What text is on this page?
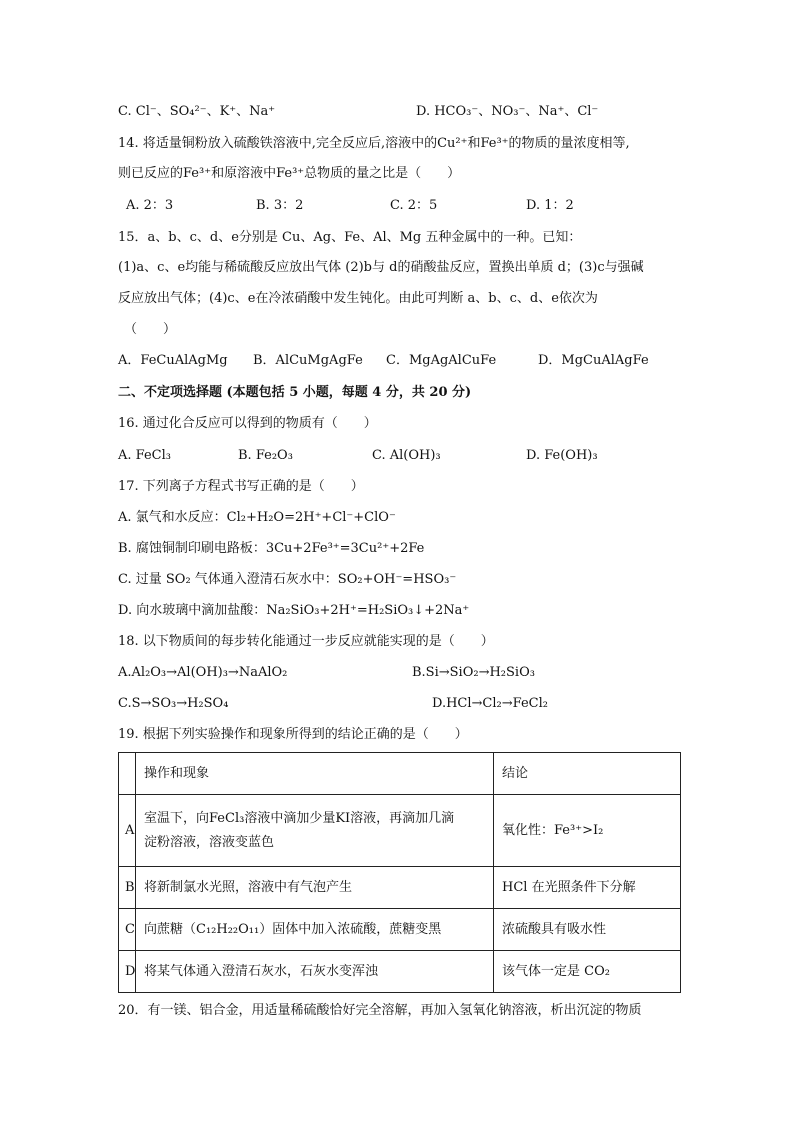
C. Cl⁻、SO₄²⁻、K⁺、Na⁺	D. HCO₃⁻、NO₃⁻、Na⁺、Cl⁻
14. 将适量铜粉放入硫酸铁溶液中,完全反应后,溶液中的Cu²⁺和Fe³⁺的物质的量浓度相等,
则已反应的Fe³⁺和原溶液中Fe³⁺总物质的量之比是（　　）
A. 2：3	B. 3：2	C. 2：5	D. 1：2
15．a、b、c、d、e分别是 Cu、Ag、Fe、Al、Mg 五种金属中的一种。已知：
(1)a、c、e均能与稀硫酸反应放出气体 (2)b与 d的硝酸盐反应，置换出单质 d；(3)c与强碱
反应放出气体；(4)c、e在冷浓硝酸中发生钝化。由此可判断 a、b、c、d、e依次为
（　　）
A．FeCuAlAgMg B．AlCuMgAgFe C．MgAgAlCuFe	D．MgCuAlAgFe
二、不定项选择题 (本题包括 5 小题，每题 4 分，共 20 分)
16. 通过化合反应可以得到的物质有（　　）
A. FeCl₃	B. Fe₂O₃	C. Al(OH)₃	D. Fe(OH)₃
17. 下列离子方程式书写正确的是（　　）
A. 氯气和水反应：Cl₂+H₂O=2H⁺+Cl⁻+ClO⁻
B. 腐蚀铜制印刷电路板：3Cu+2Fe³⁺=3Cu²⁺+2Fe
C. 过量 SO₂ 气体通入澄清石灰水中：SO₂+OH⁻=HSO₃⁻
D. 向水玻璃中滴加盐酸：Na₂SiO₃+2H⁺=H₂SiO₃↓+2Na⁺
18. 以下物质间的每步转化能通过一步反应就能实现的是（　　）
A.Al₂O₃→Al(OH)₃→NaAlO₂	B.Si→SiO₂→H₂SiO₃
C.S→SO₃→H₂SO₄	D.HCl→Cl₂→FeCl₂
19. 根据下列实验操作和现象所得到的结论正确的是（　　）
	操作和现象	结论
A	室温下，向FeCl₃溶液中滴加少量KI溶液，再滴加几滴
淀粉溶液，溶液变蓝色	氧化性：Fe³⁺>I₂
B	将新制氯水光照，溶液中有气泡产生	HCl 在光照条件下分解
C	向蔗糖（C₁₂H₂₂O₁₁）固体中加入浓硫酸，蔗糖变黑	浓硫酸具有吸水性
D	将某气体通入澄清石灰水，石灰水变浑浊	该气体一定是 CO₂
20．有一镁、铝合金，用适量稀硫酸恰好完全溶解，再加入氢氧化钠溶液，析出沉淀的物质
